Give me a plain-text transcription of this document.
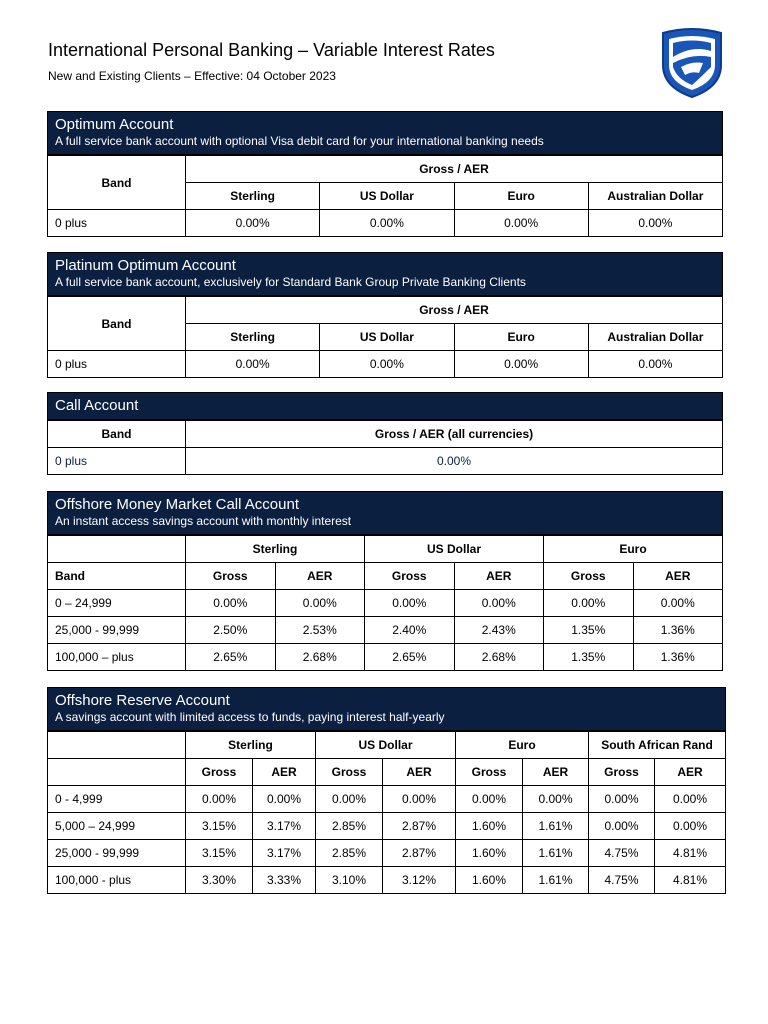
International Personal Banking – Variable Interest Rates
New and Existing Clients – Effective: 04 October 2023
Optimum Account
A full service bank account with optional Visa debit card for your international banking needs
Band	Gross / AER			
	Sterling	US Dollar	Euro	Australian Dollar
0 plus	0.00%	0.00%	0.00%	0.00%
Platinum Optimum Account
A full service bank account, exclusively for Standard Bank Group Private Banking Clients
Band	Gross / AER			
	Sterling	US Dollar	Euro	Australian Dollar
0 plus	0.00%	0.00%	0.00%	0.00%
Call Account
Band	Gross / AER (all currencies)
0 plus	0.00%
Offshore Money Market Call Account
An instant access savings account with monthly interest
	Sterling		US Dollar		Euro	
Band	Gross	AER	Gross	AER	Gross	AER
0 – 24,999	0.00%	0.00%	0.00%	0.00%	0.00%	0.00%
25,000 - 99,999	2.50%	2.53%	2.40%	2.43%	1.35%	1.36%
100,000 – plus	2.65%	2.68%	2.65%	2.68%	1.35%	1.36%
Offshore Reserve Account
A savings account with limited access to funds, paying interest half-yearly
	Sterling		US Dollar		Euro		South African Rand	
	Gross	AER	Gross	AER	Gross	AER	Gross	AER
0 - 4,999	0.00%	0.00%	0.00%	0.00%	0.00%	0.00%	0.00%	0.00%
5,000 – 24,999	3.15%	3.17%	2.85%	2.87%	1.60%	1.61%	0.00%	0.00%
25,000 - 99,999	3.15%	3.17%	2.85%	2.87%	1.60%	1.61%	4.75%	4.81%
100,000 - plus	3.30%	3.33%	3.10%	3.12%	1.60%	1.61%	4.75%	4.81%
